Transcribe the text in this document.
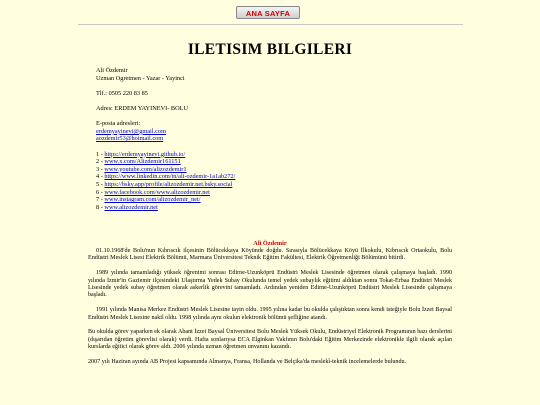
ANA SAYFA
ILETISIM BILGILERI
Ali Özdemir
Uzman Ogretmen - Yazar - Yayinci
Tlf.: 0505 220 83 85
Adres: ERDEM YAYINEVI- BOLU
E-posta adresleri:
erdemyayinevi@gmail.com
aozdemir53@hotmail.com
1 - https://erdemyayinevi.github.io/
2 - www.x.com/Alizdemir161151
3 - www.youtube.com/alizozdemir1
4 - https://www.linkedin.com/in/ali-ozdemir-1a1ab272/
5 - https://bsky.app/profile/alizozdemir.net.bsky.social
6 - www.facebook.com/www.alizozdemir.net
7 - www.instagram.com/alizozdemir_net/
8 - www.alizozdemir.net
Ali Özdemir

01.10.1968'de Bolu'nun Kıbrıscık ilçesinin Bölücekkaya Köyünde doğdu. Sırasıyla Bölücekkaya Köyü İlkokulu, Kıbrıscık Ortaokulu, Bolu Endüstri Meslek Lisesi Elektrik Bölümü, Marmara Üniversitesi Teknik Eğitim Fakültesi, Elektrik Öğretmenliği Bölümünü bitirdi.

1989 yılında tamamladığı yüksek öğrenimi sonrası Edirne-Uzunköprü Endüstri Meslek Lisesinde öğretmen olarak çalışmaya başladı. 1990 yılında İzmir'in Gaziemir ilçesindeki Ulaştırma Yedek Subay Okulunda temel yedek subaylık eğitimi aldıktan sonra Tokat-Erbaa Endüstri Meslek Lisesinde yedek subay öğretmen olarak askerlik görevini tamamladı. Ardından yeniden Edirne-Uzunköprü Endüstri Meslek Lisesinde çalışmaya başladı.

1991 yılında Manisa Merkez Endüstri Meslek Lisesine tayin oldu. 1995 yılına kadar bu okulda çalıştıktan sonra kendi isteğiyle Bolu İzzet Baysal Endüstri Meslek Lisesine nakil oldu. 1998 yılında aynı okulun elektronik bölümü şefliğine atandı.

Bu okulda görev yaparken ek olarak Abant İzzet Baysal Üniversitesi Bolu Meslek Yüksek Okulu, Endüstriyel Elektronik Programının bazı derslerini (dışarıdan öğretim görevlisi olarak) verdi. Hafta sonlarıysa ECA Elginkan Vakfının Bolu'daki Eğitim Merkezinde elektronikle ilgili olarak açılan kurslarda eğitici olarak görev aldı. 2006 yılında uzman öğretmen unvanını kazandı.

2007 yılı Haziran ayında AB Projesi kapsamında Almanya, Fransa, Hollanda ve Belçika'da meslekî-teknik incelemelerde bulundu.
